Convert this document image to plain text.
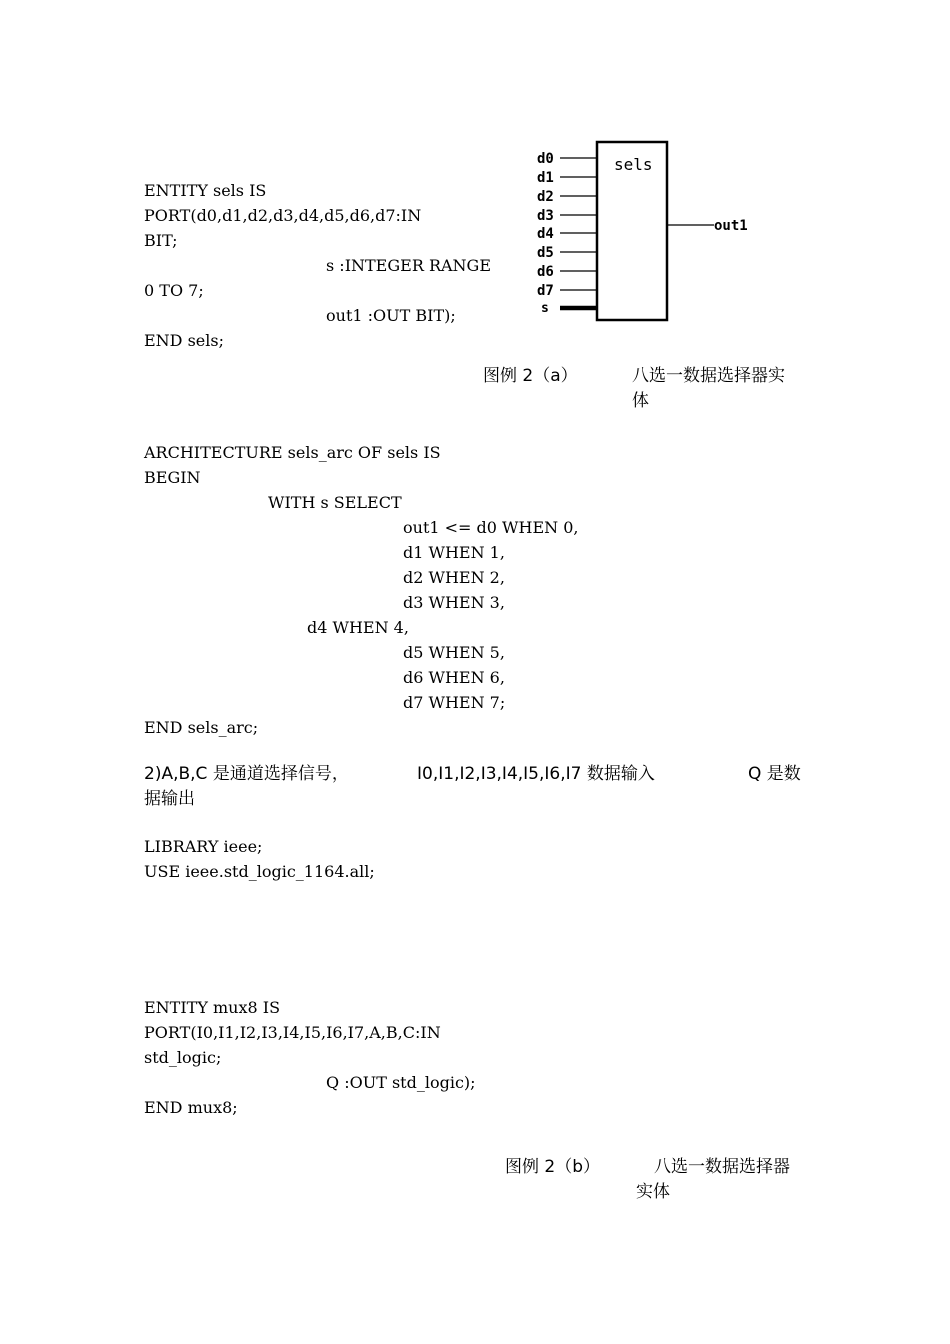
ENTITY sels IS
PORT(d0,d1,d2,d3,d4,d5,d6,d7:IN
BIT;
s :INTEGER RANGE
0 TO 7;
out1 :OUT BIT);
END sels;
sels
d0
d1
d2
d3
d4
d5
d6
d7
s
out1
图例 2（a）	八选一数据选择器实
体
ARCHITECTURE sels_arc OF sels IS
BEGIN
WITH s SELECT
out1 <= d0 WHEN 0,
d1 WHEN 1,
d2 WHEN 2,
d3 WHEN 3,
d4 WHEN 4,
d5 WHEN 5,
d6 WHEN 6,
d7 WHEN 7;
END sels_arc;
2)A,B,C 是通道选择信号，	I0,I1,I2,I3,I4,I5,I6,I7 数据输入	Q 是数
据输出
LIBRARY ieee;
USE ieee.std_logic_1164.all;
ENTITY mux8 IS
PORT(I0,I1,I2,I3,I4,I5,I6,I7,A,B,C:IN
std_logic;
Q :OUT std_logic);
END mux8;
图例 2（b）	八选一数据选择器
实体
